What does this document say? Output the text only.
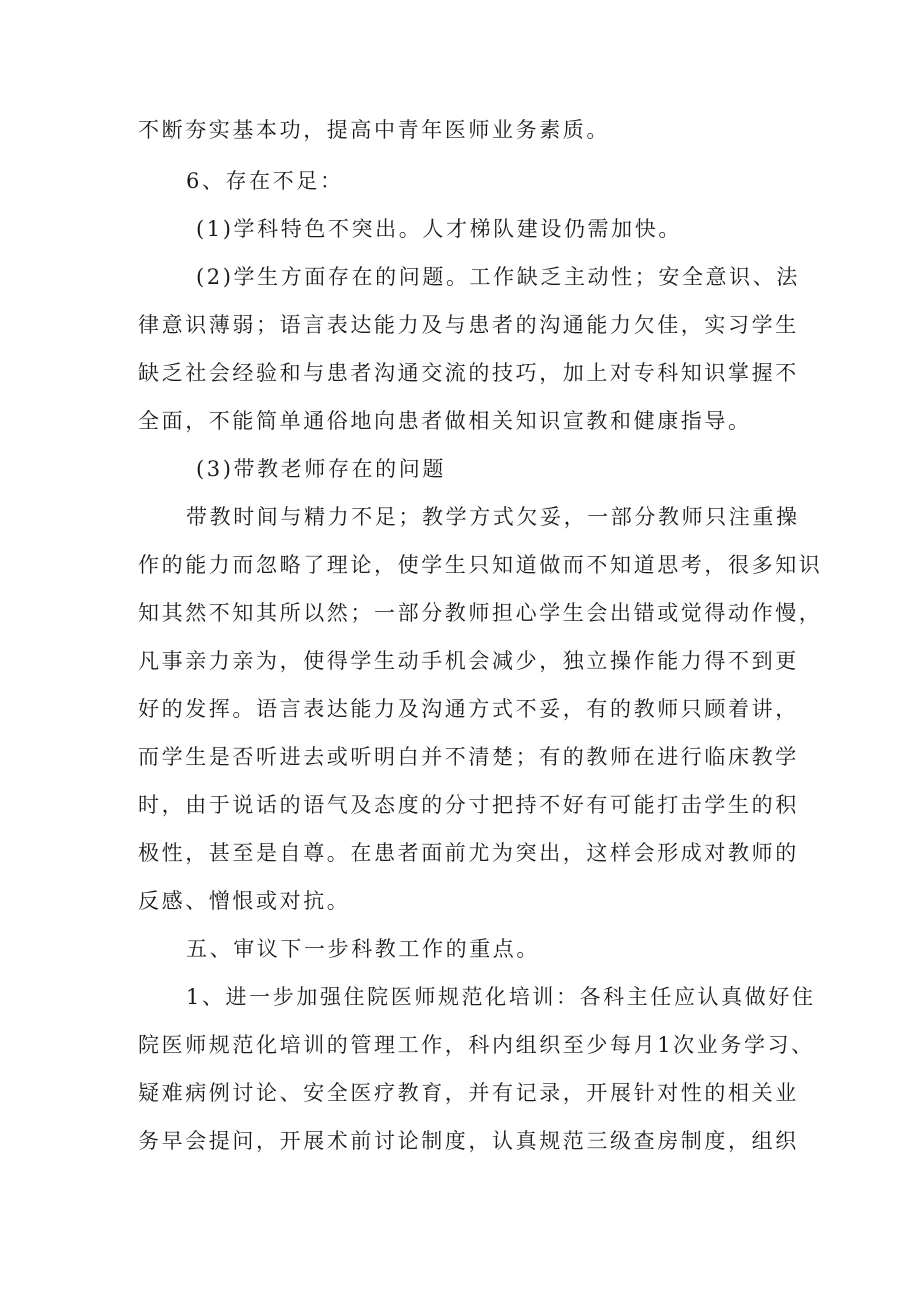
不断夯实基本功，提高中青年医师业务素质。
6、存在不足：
(1)学科特色不突出。人才梯队建设仍需加快。
(2)学生方面存在的问题。工作缺乏主动性；安全意识、法
律意识薄弱；语言表达能力及与患者的沟通能力欠佳，实习学生
缺乏社会经验和与患者沟通交流的技巧，加上对专科知识掌握不
全面，不能简单通俗地向患者做相关知识宣教和健康指导。
(3)带教老师存在的问题
带教时间与精力不足；教学方式欠妥，一部分教师只注重操
作的能力而忽略了理论，使学生只知道做而不知道思考，很多知识
知其然不知其所以然；一部分教师担心学生会出错或觉得动作慢，
凡事亲力亲为，使得学生动手机会减少，独立操作能力得不到更
好的发挥。语言表达能力及沟通方式不妥，有的教师只顾着讲，
而学生是否听进去或听明白并不清楚；有的教师在进行临床教学
时，由于说话的语气及态度的分寸把持不好有可能打击学生的积
极性，甚至是自尊。在患者面前尤为突出，这样会形成对教师的
反感、憎恨或对抗。
五、审议下一步科教工作的重点。
1、进一步加强住院医师规范化培训：各科主任应认真做好住
院医师规范化培训的管理工作，科内组织至少每月1次业务学习、
疑难病例讨论、安全医疗教育，并有记录，开展针对性的相关业
务早会提问，开展术前讨论制度，认真规范三级查房制度，组织
